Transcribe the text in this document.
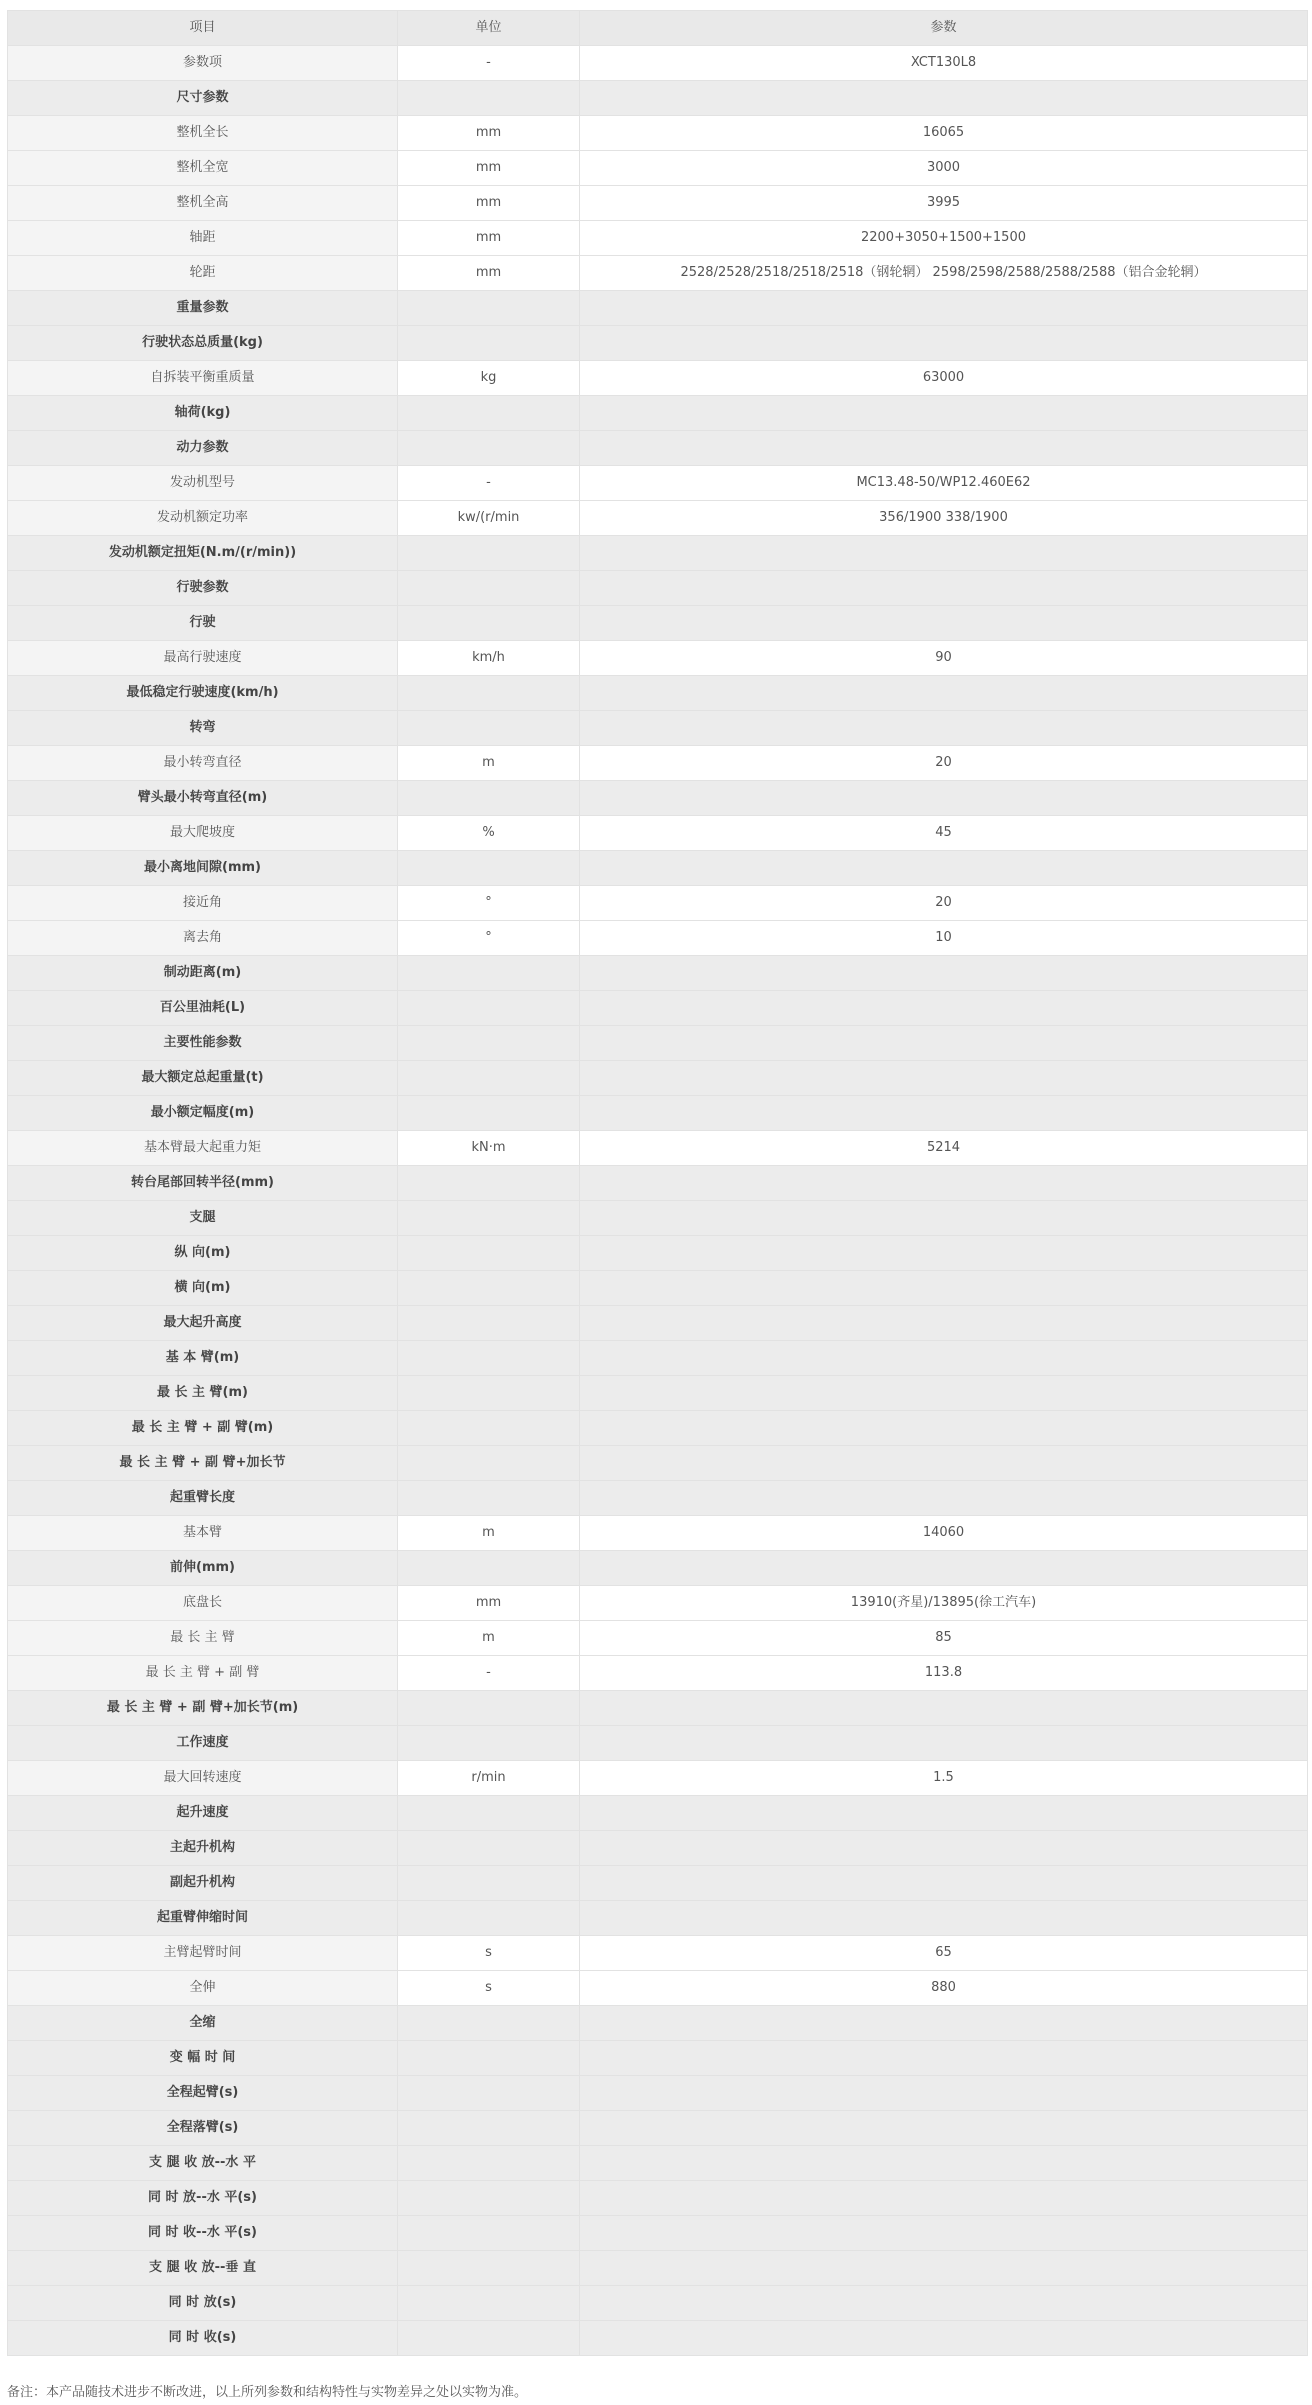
项目	单位	参数
参数项	-	XCT130L8
尺寸参数		
整机全长	mm	16065
整机全宽	mm	3000
整机全高	mm	3995
轴距	mm	2200+3050+1500+1500
轮距	mm	2528/2528/2518/2518/2518（钢轮辋） 2598/2598/2588/2588/2588（铝合金轮辋）
重量参数		
行驶状态总质量(kg)		
自拆装平衡重质量	kg	63000
轴荷(kg)		
动力参数		
发动机型号	-	MC13.48-50/WP12.460E62
发动机额定功率	kw/(r/min	356/1900 338/1900
发动机额定扭矩(N.m/(r/min))		
行驶参数		
行驶		
最高行驶速度	km/h	90
最低稳定行驶速度(km/h)		
转弯		
最小转弯直径	m	20
臂头最小转弯直径(m)		
最大爬坡度	%	45
最小离地间隙(mm)		
接近角	°	20
离去角	°	10
制动距离(m)		
百公里油耗(L)		
主要性能参数		
最大额定总起重量(t)		
最小额定幅度(m)		
基本臂最大起重力矩	kN·m	5214
转台尾部回转半径(mm)		
支腿		
纵 向(m)		
横 向(m)		
最大起升高度		
基 本 臂(m)		
最 长 主 臂(m)		
最 长 主 臂 + 副 臂(m)		
最 长 主 臂 + 副 臂+加长节		
起重臂长度		
基本臂	m	14060
前伸(mm)		
底盘长	mm	13910(齐星)/13895(徐工汽车)
最 长 主 臂	m	85
最 长 主 臂 + 副 臂	-	113.8
最 长 主 臂 + 副 臂+加长节(m)		
工作速度		
最大回转速度	r/min	1.5
起升速度		
主起升机构		
副起升机构		
起重臂伸缩时间		
主臂起臂时间	s	65
全伸	s	880
全缩		
变 幅 时 间		
全程起臂(s)		
全程落臂(s)		
支 腿 收 放--水 平		
同 时 放--水 平(s)		
同 时 收--水 平(s)		
支 腿 收 放--垂 直		
同 时 放(s)		
同 时 收(s)		
备注：本产品随技术进步不断改进，以上所列参数和结构特性与实物差异之处以实物为准。
